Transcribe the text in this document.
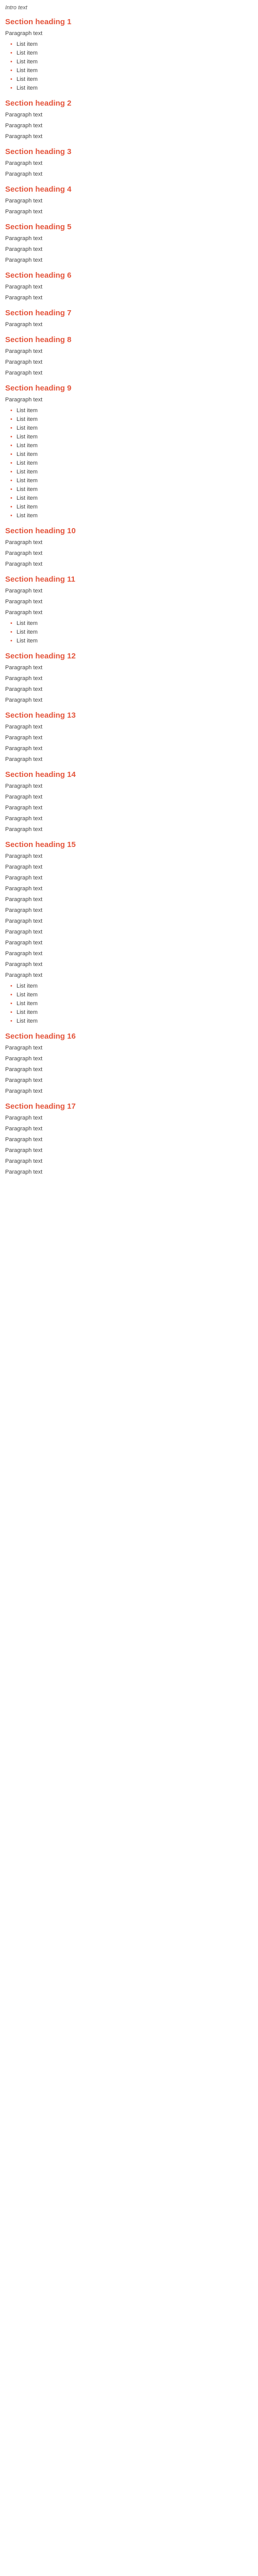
Intro text

Section heading 1

Paragraph text

• List item
• List item
• List item
• List item
• List item
• List item
Section heading 2

Paragraph text

Paragraph text

Paragraph text

Section heading 3

Paragraph text

Paragraph text

Section heading 4

Paragraph text

Paragraph text

Section heading 5

Paragraph text

Paragraph text

Paragraph text

Section heading 6

Paragraph text

Paragraph text

Section heading 7

Paragraph text

Section heading 8

Paragraph text

Paragraph text

Paragraph text

Section heading 9

Paragraph text

• List item
• List item
• List item
• List item
• List item
• List item
• List item
• List item
• List item
• List item
• List item
• List item
• List item
Section heading 10

Paragraph text

Paragraph text

Paragraph text

Section heading 11

Paragraph text

Paragraph text

Paragraph text

• List item
• List item
• List item
Section heading 12

Paragraph text

Paragraph text

Paragraph text

Paragraph text

Section heading 13

Paragraph text

Paragraph text

Paragraph text

Paragraph text

Section heading 14

Paragraph text

Paragraph text

Paragraph text

Paragraph text

Paragraph text

Section heading 15

Paragraph text

Paragraph text

Paragraph text

Paragraph text

Paragraph text

Paragraph text

Paragraph text

Paragraph text

Paragraph text

Paragraph text

Paragraph text

Paragraph text

• List item
• List item
• List item
• List item
• List item
Section heading 16

Paragraph text

Paragraph text

Paragraph text

Paragraph text

Paragraph text

Section heading 17

Paragraph text

Paragraph text

Paragraph text

Paragraph text

Paragraph text

Paragraph text
